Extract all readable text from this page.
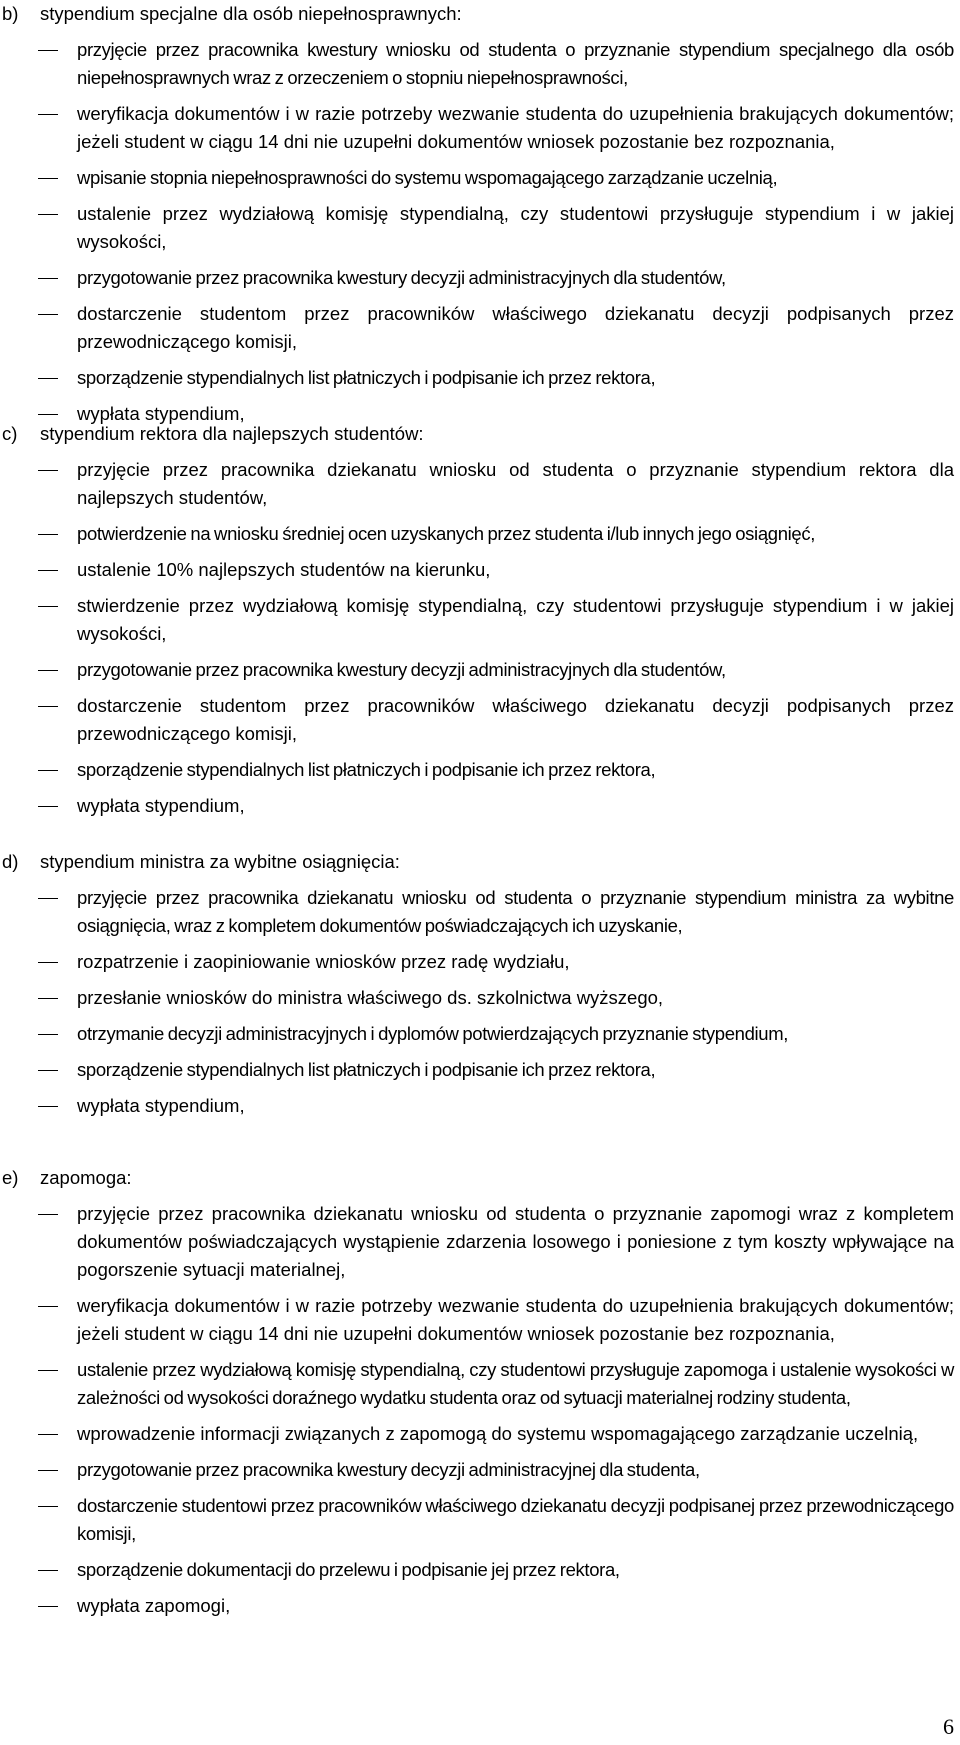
b) stypendium specjalne dla osób niepełnosprawnych:
przyjęcie przez pracownika kwestury wniosku od studenta o przyznanie stypendium specjalnego dla osób niepełnosprawnych wraz z orzeczeniem o stopniu niepełnosprawności,
weryfikacja dokumentów i w razie potrzeby wezwanie studenta do uzupełnienia brakujących dokumentów; jeżeli student w ciągu 14 dni nie uzupełni dokumentów wniosek pozostanie bez rozpoznania,
wpisanie stopnia niepełnosprawności do systemu wspomagającego zarządzanie uczelnią,
ustalenie przez wydziałową komisję stypendialną, czy studentowi przysługuje stypendium i w jakiej wysokości,
przygotowanie przez pracownika kwestury decyzji administracyjnych dla studentów,
dostarczenie studentom przez pracowników właściwego dziekanatu decyzji podpisanych przez przewodniczącego komisji,
sporządzenie stypendialnych list płatniczych i podpisanie ich przez rektora,
wypłata stypendium,
c) stypendium rektora dla najlepszych studentów:
przyjęcie przez pracownika dziekanatu wniosku od studenta o przyznanie stypendium rektora dla najlepszych studentów,
potwierdzenie na wniosku średniej ocen uzyskanych przez studenta i/lub innych jego osiągnięć,
ustalenie 10% najlepszych studentów na kierunku,
stwierdzenie przez wydziałową komisję stypendialną, czy studentowi przysługuje stypendium i w jakiej wysokości,
przygotowanie przez pracownika kwestury decyzji administracyjnych dla studentów,
dostarczenie studentom przez pracowników właściwego dziekanatu decyzji podpisanych przez przewodniczącego komisji,
sporządzenie stypendialnych list płatniczych i podpisanie ich przez rektora,
wypłata stypendium,
d) stypendium ministra za wybitne osiągnięcia:
przyjęcie przez pracownika dziekanatu wniosku od studenta o przyznanie stypendium ministra za wybitne osiągnięcia, wraz z kompletem dokumentów poświadczających ich uzyskanie,
rozpatrzenie i zaopiniowanie wniosków przez radę wydziału,
przesłanie wniosków do ministra właściwego ds. szkolnictwa wyższego,
otrzymanie decyzji administracyjnych i dyplomów potwierdzających przyznanie stypendium,
sporządzenie stypendialnych list płatniczych i podpisanie ich przez rektora,
wypłata stypendium,
e) zapomoga:
przyjęcie przez pracownika dziekanatu wniosku od studenta o przyznanie zapomogi wraz z kompletem dokumentów poświadczających wystąpienie zdarzenia losowego i poniesione z tym koszty wpływające na pogorszenie sytuacji materialnej,
weryfikacja dokumentów i w razie potrzeby wezwanie studenta do uzupełnienia brakujących dokumentów; jeżeli student w ciągu 14 dni nie uzupełni dokumentów wniosek pozostanie bez rozpoznania,
ustalenie przez wydziałową komisję stypendialną, czy studentowi przysługuje zapomoga i ustalenie wysokości w zależności od wysokości doraźnego wydatku studenta oraz od sytuacji materialnej rodziny studenta,
wprowadzenie informacji związanych z zapomogą do systemu wspomagającego zarządzanie uczelnią,
przygotowanie przez pracownika kwestury decyzji administracyjnej dla studenta,
dostarczenie studentowi przez pracowników właściwego dziekanatu decyzji podpisanej przez przewodniczącego komisji,
sporządzenie dokumentacji do przelewu i podpisanie jej przez rektora,
wypłata zapomogi,
6
